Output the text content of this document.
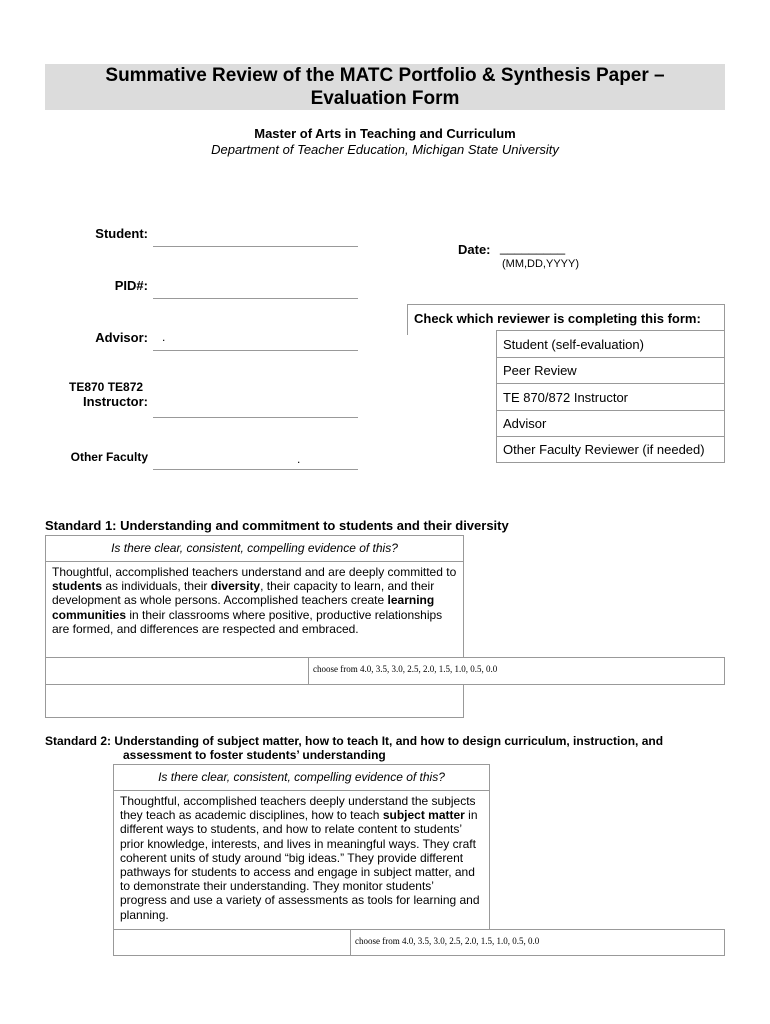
Summative Review of the MATC Portfolio & Synthesis Paper –
Evaluation Form
Master of Arts in Teaching and Curriculum
Department of Teacher Education, Michigan State University
Student:
PID#:
Advisor: .
TE870 TE872
Instructor:
Other Faculty	.
Date: _________
(MM,DD,YYYY)
Check which reviewer is completing this form:
Student (self-evaluation)
Peer Review
TE 870/872 Instructor
Advisor
Other Faculty Reviewer (if needed)
Standard 1: Understanding and commitment to students and their diversity
Is there clear, consistent, compelling evidence of this?
Thoughtful, accomplished teachers understand and are deeply committed to students as individuals, their diversity, their capacity to learn, and their development as whole persons. Accomplished teachers create learning communities in their classrooms where positive, productive relationships are formed, and differences are respected and embraced.
choose from 4.0, 3.5, 3.0, 2.5, 2.0, 1.5, 1.0, 0.5, 0.0
Standard 2: Understanding of subject matter, how to teach It, and how to design curriculum, instruction, and
assessment to foster students’ understanding
Is there clear, consistent, compelling evidence of this?
Thoughtful, accomplished teachers deeply understand the subjects they teach as academic disciplines, how to teach subject matter in different ways to students, and how to relate content to students’ prior knowledge, interests, and lives in meaningful ways. They craft coherent units of study around “big ideas.” They provide different pathways for students to access and engage in subject matter, and to demonstrate their understanding. They monitor students’ progress and use a variety of assessments as tools for learning and planning.
choose from 4.0, 3.5, 3.0, 2.5, 2.0, 1.5, 1.0, 0.5, 0.0
